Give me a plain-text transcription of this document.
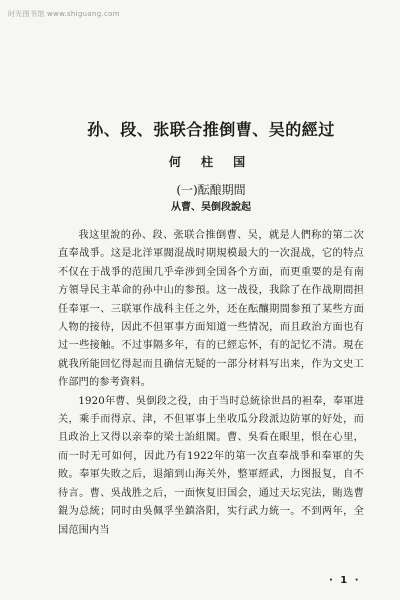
时光图书馆 www.shiguang.com
孙、段、张联合推倒曹、吴的經过
何 柱 国
(一)酝酿期間
从曹、吴倒段說起

我这里說的孙、段、张联合推倒曹、吴，就是人們称的第二次直奉战爭。这是北洋軍閥混战时期規模最大的一次混战，它的特点不仅在于战爭的范围几乎牵涉到全国各个方面，而更重要的是有南方領导民主革命的孙中山的参預。这一战役，我除了在作战期間担任奉軍一、三联軍作战科主任之外，还在酝釀期間参預了某些方面人物的接待，因此不但軍事方面知道一些情况，而且政治方面也有过一些接触。不过事隔多年，有的已經忘怀，有的記忆不清。現在就我所能回忆得起而且确信无疑的一部分材料写出来，作为文史工作部門的参考資料。

1920年曹、吳倒段之役，由于当时总統徐世昌的袒奉，奉軍进关，乘手而得京、津，不但軍事上坐收瓜分段派边防軍的好处，而且政治上又得以亲奉的梁士詒組閣。曹、吳看在眼里，恨在心里，而一时无可如何，因此乃有1922年的第一次直奉战爭和奉軍的失敗。奉軍失敗之后，退縮到山海关外，整軍經武，力图报复，自不待言。曹、吳战胜之后，一面恢复旧国会，通过天坛宪法，賄选曹錕为总統；同时由吳佩孚坐鎮洛阳，实行武力統一。不到两年，全国范围内当

· 1 ·
